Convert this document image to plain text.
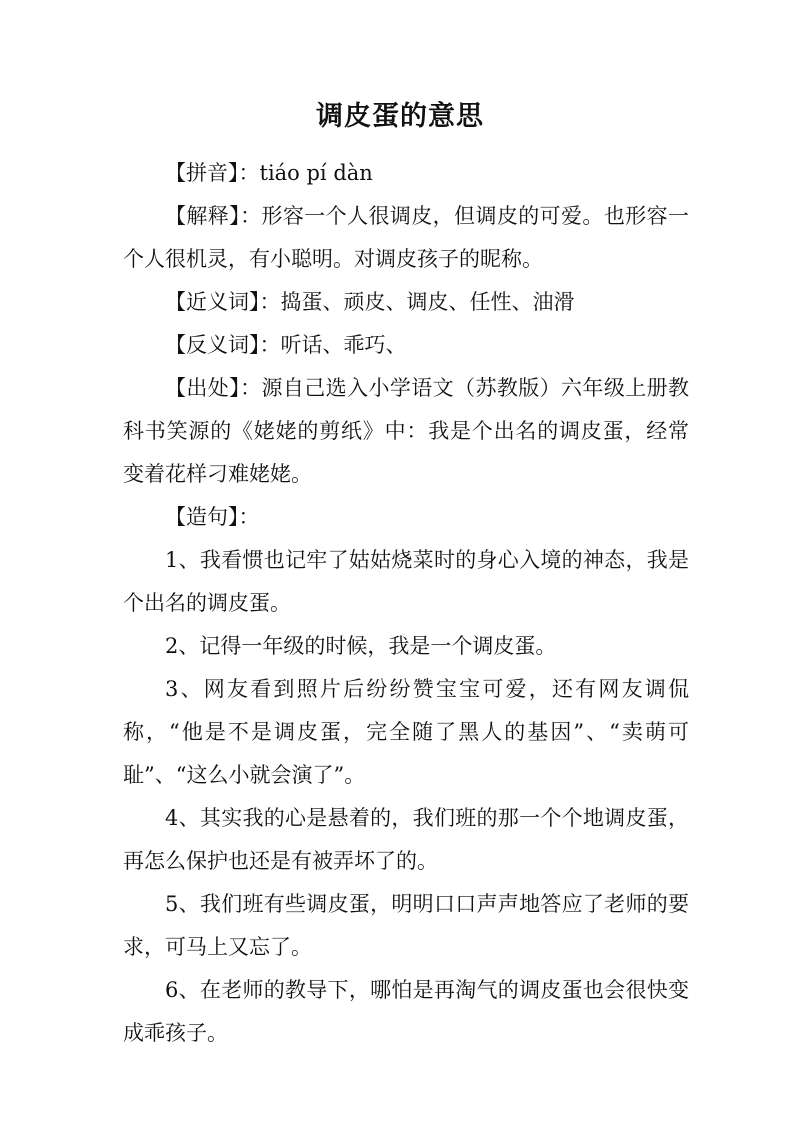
调皮蛋的意思

【拼音】：tiáo pí dàn

【解释】：形容一个人很调皮，但调皮的可爱。也形容一个人很机灵，有小聪明。对调皮孩子的昵称。

【近义词】：捣蛋、顽皮、调皮、任性、油滑

【反义词】：听话、乖巧、

【出处】：源自己选入小学语文（苏教版）六年级上册教科书笑源的《姥姥的剪纸》中：我是个出名的调皮蛋，经常变着花样刁难姥姥。

【造句】：

1、我看惯也记牢了姑姑烧菜时的身心入境的神态，我是个出名的调皮蛋。

2、记得一年级的时候，我是一个调皮蛋。

3、网友看到照片后纷纷赞宝宝可爱，还有网友调侃称，“他是不是调皮蛋，完全随了黑人的基因”、“卖萌可耻”、“这么小就会演了”。

4、其实我的心是悬着的，我们班的那一个个地调皮蛋，再怎么保护也还是有被弄坏了的。

5、我们班有些调皮蛋，明明口口声声地答应了老师的要求，可马上又忘了。

6、在老师的教导下，哪怕是再淘气的调皮蛋也会很快变成乖孩子。
